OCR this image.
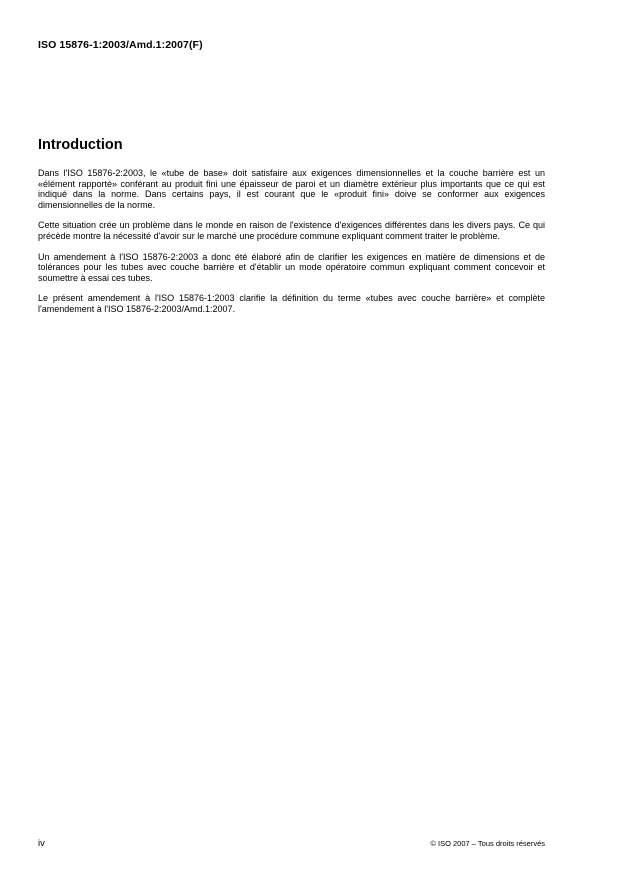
ISO 15876-1:2003/Amd.1:2007(F)
Introduction

Dans l'ISO 15876-2:2003, le «tube de base» doit satisfaire aux exigences dimensionnelles et la couche barrière est un «élément rapporté» conférant au produit fini une épaisseur de paroi et un diamètre extérieur plus importants que ce qui est indiqué dans la norme. Dans certains pays, il est courant que le «produit fini» doive se conformer aux exigences dimensionnelles de la norme.

Cette situation crée un problème dans le monde en raison de l'existence d'exigences différentes dans les divers pays. Ce qui précède montre la nécessité d'avoir sur le marché une procédure commune expliquant comment traiter le problème.

Un amendement à l'ISO 15876-2:2003 a donc été élaboré afin de clarifier les exigences en matière de dimensions et de tolérances pour les tubes avec couche barrière et d'établir un mode opératoire commun expliquant comment concevoir et soumettre à essai ces tubes.

Le présent amendement à l'ISO 15876-1:2003 clarifie la définition du terme «tubes avec couche barrière» et complète l'amendement à l'ISO 15876-2:2003/Amd.1:2007.

iv	© ISO 2007 – Tous droits réservés
